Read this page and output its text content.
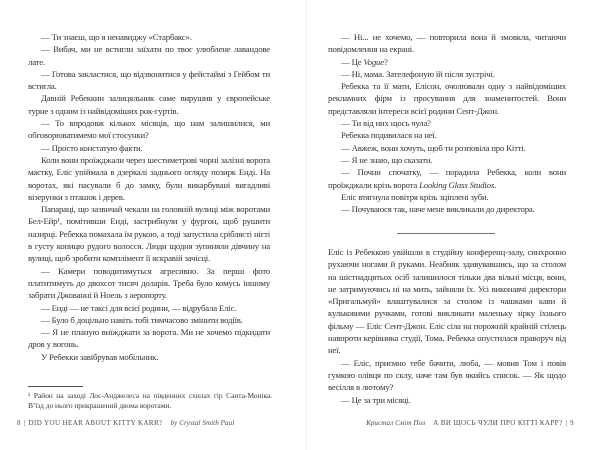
— Ти знаєш, що я ненавиджу «Старбакс».

— Вибач, ми не встигли заїхати по твоє улюблене лавандове лате.

— Готова закластися, що відзвонитися у фейстаймі з Гейбом ти встигла.

Давній Ребеккин залицяльник саме вирушив у європейське турне з одним із найвідоміших рок-гуртів.

— То впродовж кількох місяців, що нам залишилися, ми обговорюватимемо мої стосунки?

— Просто констатую факти.

Коли вони проїжджали через шестиметрові чорні залізні ворота маєтку, Еліс упіймала в дзеркалі заднього огляду позирк Енді. На воротах, які пасували б до замку, були викарбувані вигадливі візерунки з пташок і дерев.

Папараці, що зазвичай чекали на головній вулиці між воротами Бел-Ейр¹, помітивши Енді, застрибнули у фургон, щоб рушити назирці. Ребекка помахала їм рукою, а тоді запустила сріблясті нігті в густу копицю рудого волосся. Люди щодня зупиняли дівчину на вулиці, щоб зробити комплімент її яскравій зачісці.

— Камери поводитимуться агресивно. За перші фото платитимуть до двохсот тисяч доларів. Треба було комусь іншому забрати Джованні й Ноель з аеропорту.

— Енді — не таксі для всієї родини, — відрубала Еліс.

— Було б доцільно навіть тобі тимчасово змінити водіїв.

— Я не планую виїжджати за ворота. Ми не хочемо підкидати дров у вогонь.

У Ребекки завібрував мобільник.

¹ Район на заході Лос-Анджелеса на південних схилах гір Санта-Моніка. В’їзд до нього прикрашений двома воротами.
8 | DID YOU HEAR ABOUT KITTY KARR? by Crystal Smith Paul

— Ні... не хочемо, — повторила вона й змовкла, читаючи повідомлення на екрані.

— Це Vogue?

— Ні, мама. Зателефоную їй після зустрічі.

Ребекка та її мати, Елісон, очолювали одну з найвідоміших рекламних фірм із просування для знаменитостей. Вони представляли інтереси всієї родини Сент-Джон.

— Ти від них щось чула?

Ребекка подивилася на неї.

— Авжеж, вони хочуть, щоб ти розповіла про Кітті.

— Я не знаю, що сказати.

— Почни спочатку, — порадила Ребекка, коли вони проїжджали крізь ворота Looking Glass Studios.

Еліс втягнула повітря крізь зціплені зуби.

— Почуваюся так, наче мене викликали до директора.

Еліс із Ребеккою увійшли в студійну конференц-залу, синхронно рухаючи ногами й руками. Неабияк здивувавшись, що за столом на шістнадцятьох осіб залишилося тільки два вільні місця, вони, не затримуючись ні на мить, зайняли їх. Усі виконавчі директори «Пригальмуй» влаштувалися за столом із чашками кави й кульковими ручками, готові викликати маленьку зірку їхнього фільму — Еліс Сент-Джон. Еліс сіла на порожній крайній стілець навпроти керівника студії, Тома. Ребекка опустилася праворуч від неї.

— Еліс, приємно тебе бачити, люба, — мовив Том і повів гумкою олівця по склу, наче там був якийсь список. — Як щодо весілля в лютому?

— Це за три місяці.

Кристал Сміт Пол А ВИ ЩОСЬ ЧУЛИ ПРО КІТТІ КАРР? | 9
